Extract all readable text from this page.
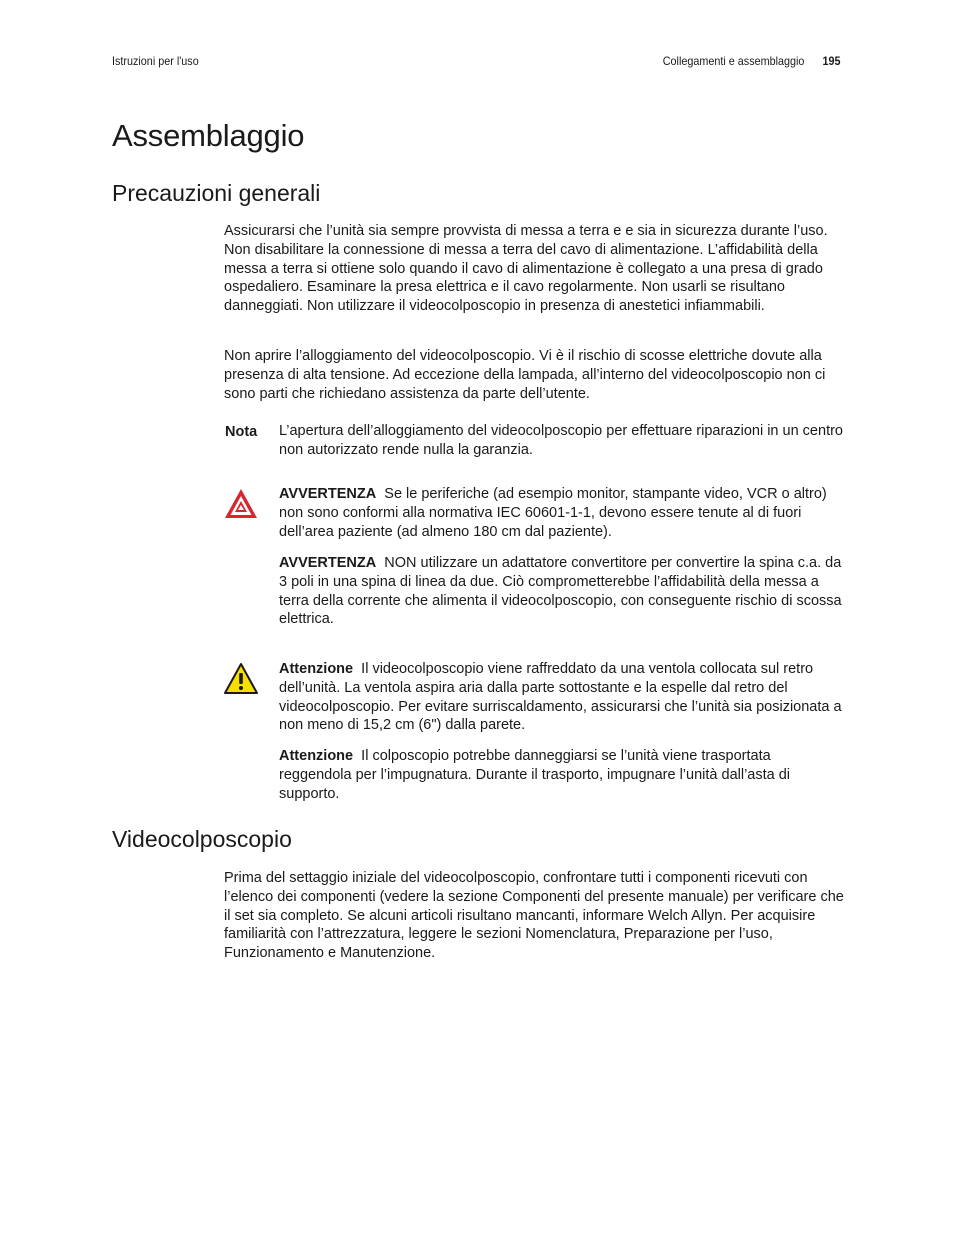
Istruzioni per l'uso	Collegamenti e assemblaggio 195
Assemblaggio
Precauzioni generali

Assicurarsi che l’unità sia sempre provvista di messa a terra e e sia in sicurezza durante l’uso. Non disabilitare la connessione di messa a terra del cavo di alimentazione. L’affidabilità della messa a terra si ottiene solo quando il cavo di alimentazione è collegato a una presa di grado ospedaliero. Esaminare la presa elettrica e il cavo regolarmente. Non usarli se risultano danneggiati. Non utilizzare il videocolposcopio in presenza di anestetici infiammabili.

Non aprire l’alloggiamento del videocolposcopio. Vi è il rischio di scosse elettriche dovute alla presenza di alta tensione. Ad eccezione della lampada, all’interno del videocolposcopio non ci sono parti che richiedano assistenza da parte dell’utente.

Nota L’apertura dell’alloggiamento del videocolposcopio per effettuare riparazioni in un centro non autorizzato rende nulla la garanzia.

AVVERTENZA Se le periferiche (ad esempio monitor, stampante video, VCR o altro) non sono conformi alla normativa IEC 60601-1-1, devono essere tenute al di fuori dell’area paziente (ad almeno 180 cm dal paziente).

AVVERTENZA NON utilizzare un adattatore convertitore per convertire la spina c.a. da 3 poli in una spina di linea da due. Ciò comprometterebbe l’affidabilità della messa a terra della corrente che alimenta il videocolposcopio, con conseguente rischio di scossa elettrica.

Attenzione Il videocolposcopio viene raffreddato da una ventola collocata sul retro dell’unità. La ventola aspira aria dalla parte sottostante e la espelle dal retro del videocolposcopio. Per evitare surriscaldamento, assicurarsi che l’unità sia posizionata a non meno di 15,2 cm (6") dalla parete.

Attenzione Il colposcopio potrebbe danneggiarsi se l’unità viene trasportata reggendola per l’impugnatura. Durante il trasporto, impugnare l’unità dall’asta di supporto.

Videocolposcopio

Prima del settaggio iniziale del videocolposcopio, confrontare tutti i componenti ricevuti con l’elenco dei componenti (vedere la sezione Componenti del presente manuale) per verificare che il set sia completo. Se alcuni articoli risultano mancanti, informare Welch Allyn. Per acquisire familiarità con l’attrezzatura, leggere le sezioni Nomenclatura, Preparazione per l’uso, Funzionamento e Manutenzione.
